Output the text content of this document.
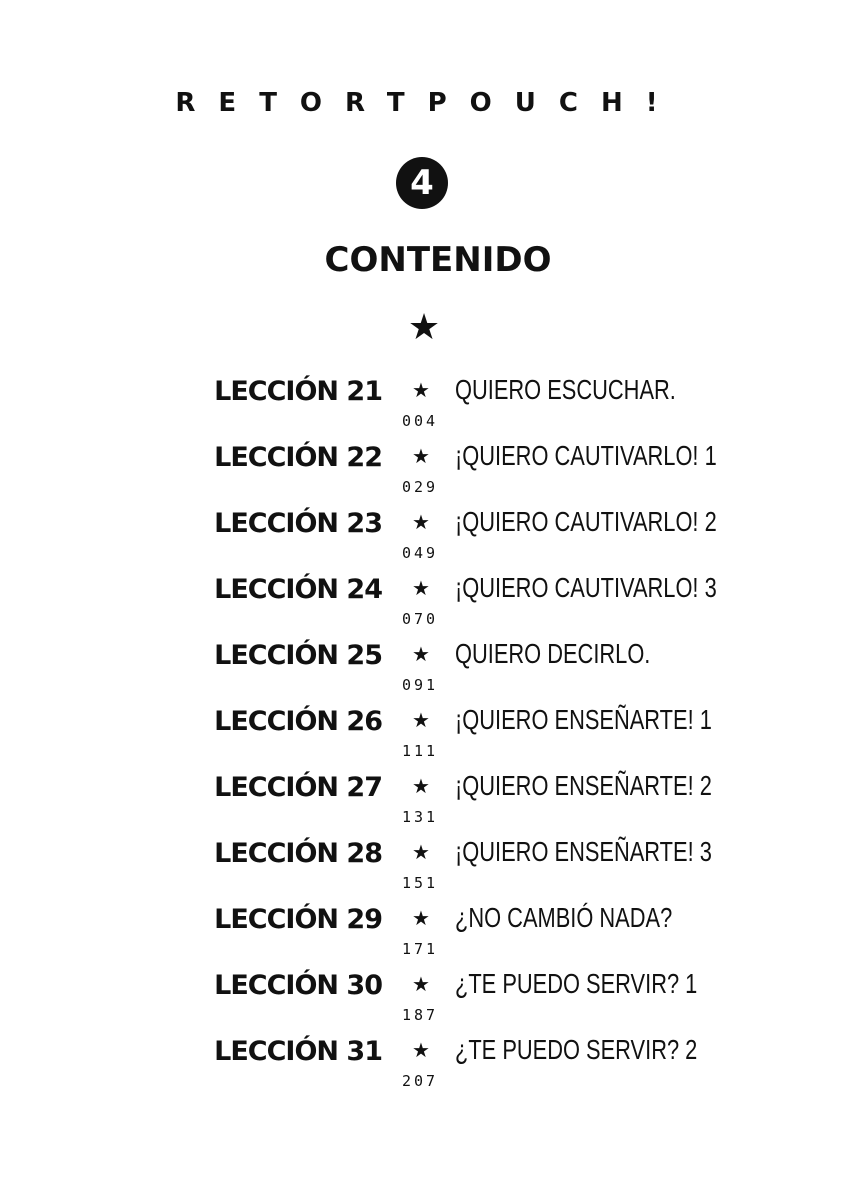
RETORTPOUCH!
4
CONTENIDO
★
LECCIÓN 21 ★
004
QUIERO ESCUCHAR.
LECCIÓN 22 ★
029
¡QUIERO CAUTIVARLO! 1
LECCIÓN 23 ★
049
¡QUIERO CAUTIVARLO! 2
LECCIÓN 24 ★
070
¡QUIERO CAUTIVARLO! 3
LECCIÓN 25 ★
091
QUIERO DECIRLO.
LECCIÓN 26 ★
111
¡QUIERO ENSEÑARTE! 1
LECCIÓN 27 ★
131
¡QUIERO ENSEÑARTE! 2
LECCIÓN 28 ★
151
¡QUIERO ENSEÑARTE! 3
LECCIÓN 29 ★
171
¿NO CAMBIÓ NADA?
LECCIÓN 30 ★
187
¿TE PUEDO SERVIR? 1
LECCIÓN 31 ★
207
¿TE PUEDO SERVIR? 2
